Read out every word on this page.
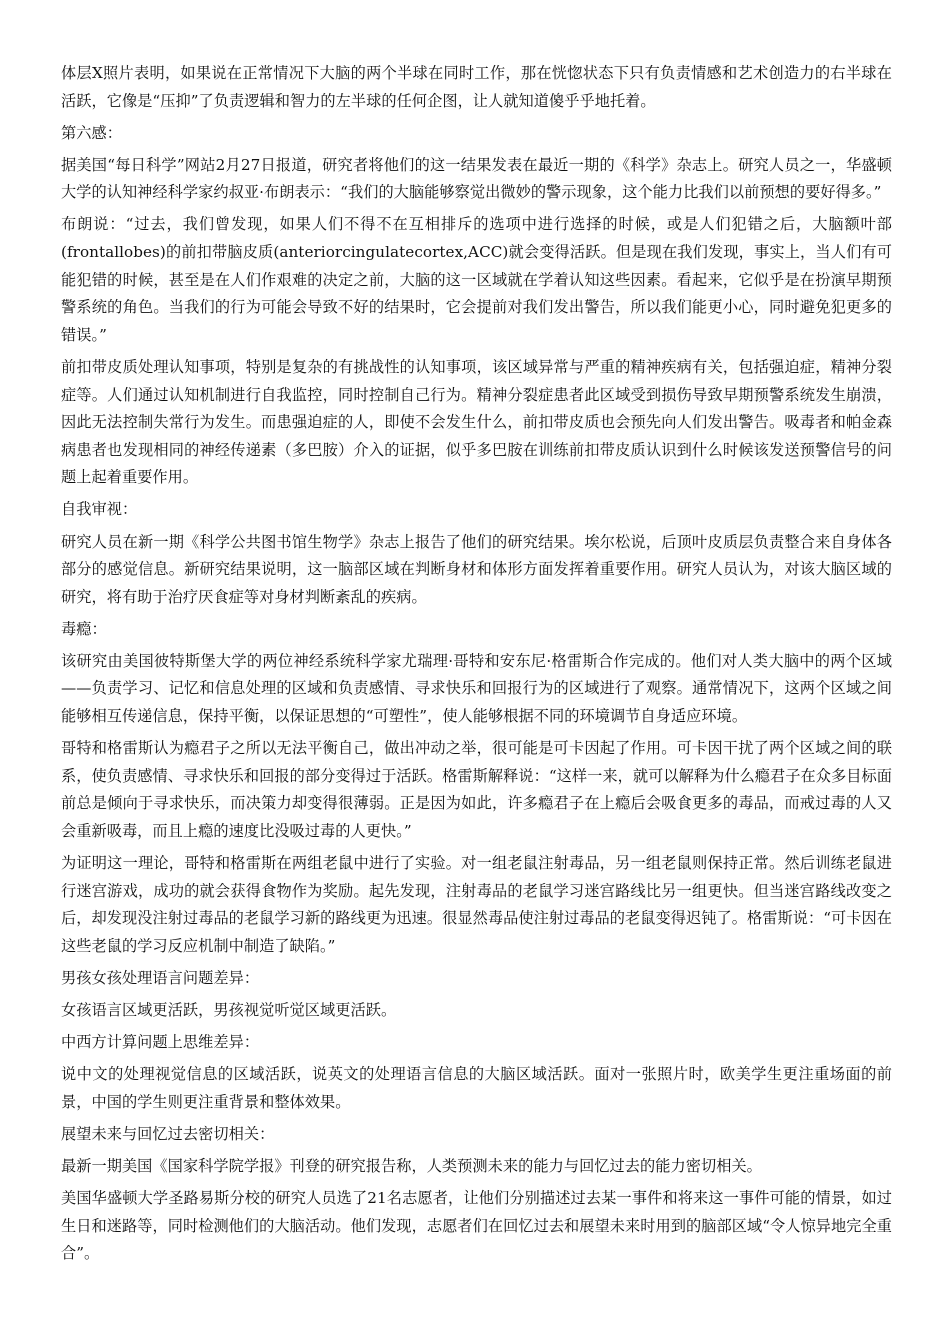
体层X照片表明，如果说在正常情况下大脑的两个半球在同时工作，那在恍惚状态下只有负责情感和艺术创造力的右半球在活跃，它像是“压抑”了负责逻辑和智力的左半球的任何企图，让人就知道傻乎乎地托着。

第六感：

据美国“每日科学”网站2月27日报道，研究者将他们的这一结果发表在最近一期的《科学》杂志上。研究人员之一，华盛顿大学的认知神经科学家约叔亚·布朗表示：“我们的大脑能够察觉出微妙的警示现象，这个能力比我们以前预想的要好得多。”

布朗说：“过去，我们曾发现，如果人们不得不在互相排斥的选项中进行选择的时候，或是人们犯错之后，大脑额叶部(frontallobes)的前扣带脑皮质(anteriorcingulatecortex,ACC)就会变得活跃。但是现在我们发现，事实上，当人们有可能犯错的时候，甚至是在人们作艰难的决定之前，大脑的这一区域就在学着认知这些因素。看起来，它似乎是在扮演早期预警系统的角色。当我们的行为可能会导致不好的结果时，它会提前对我们发出警告，所以我们能更小心，同时避免犯更多的错误。”

前扣带皮质处理认知事项，特别是复杂的有挑战性的认知事项，该区域异常与严重的精神疾病有关，包括强迫症，精神分裂症等。人们通过认知机制进行自我监控，同时控制自己行为。精神分裂症患者此区域受到损伤导致早期预警系统发生崩溃，因此无法控制失常行为发生。而患强迫症的人，即使不会发生什么，前扣带皮质也会预先向人们发出警告。吸毒者和帕金森病患者也发现相同的神经传递素（多巴胺）介入的证据，似乎多巴胺在训练前扣带皮质认识到什么时候该发送预警信号的问题上起着重要作用。

自我审视：

研究人员在新一期《科学公共图书馆生物学》杂志上报告了他们的研究结果。埃尔松说，后顶叶皮质层负责整合来自身体各部分的感觉信息。新研究结果说明，这一脑部区域在判断身材和体形方面发挥着重要作用。研究人员认为，对该大脑区域的研究，将有助于治疗厌食症等对身材判断紊乱的疾病。

毒瘾：

该研究由美国彼特斯堡大学的两位神经系统科学家尤瑞理·哥特和安东尼·格雷斯合作完成的。他们对人类大脑中的两个区域——负责学习、记忆和信息处理的区域和负责感情、寻求快乐和回报行为的区域进行了观察。通常情况下，这两个区域之间能够相互传递信息，保持平衡，以保证思想的“可塑性”，使人能够根据不同的环境调节自身适应环境。

哥特和格雷斯认为瘾君子之所以无法平衡自己，做出冲动之举，很可能是可卡因起了作用。可卡因干扰了两个区域之间的联系，使负责感情、寻求快乐和回报的部分变得过于活跃。格雷斯解释说：“这样一来，就可以解释为什么瘾君子在众多目标面前总是倾向于寻求快乐，而决策力却变得很薄弱。正是因为如此，许多瘾君子在上瘾后会吸食更多的毒品，而戒过毒的人又会重新吸毒，而且上瘾的速度比没吸过毒的人更快。”

为证明这一理论，哥特和格雷斯在两组老鼠中进行了实验。对一组老鼠注射毒品，另一组老鼠则保持正常。然后训练老鼠进行迷宫游戏，成功的就会获得食物作为奖励。起先发现，注射毒品的老鼠学习迷宫路线比另一组更快。但当迷宫路线改变之后，却发现没注射过毒品的老鼠学习新的路线更为迅速。很显然毒品使注射过毒品的老鼠变得迟钝了。格雷斯说：“可卡因在这些老鼠的学习反应机制中制造了缺陷。”

男孩女孩处理语言问题差异：

女孩语言区域更活跃，男孩视觉听觉区域更活跃。

中西方计算问题上思维差异：

说中文的处理视觉信息的区域活跃，说英文的处理语言信息的大脑区域活跃。面对一张照片时，欧美学生更注重场面的前景，中国的学生则更注重背景和整体效果。

展望未来与回忆过去密切相关：

最新一期美国《国家科学院学报》刊登的研究报告称，人类预测未来的能力与回忆过去的能力密切相关。

美国华盛顿大学圣路易斯分校的研究人员选了21名志愿者，让他们分别描述过去某一事件和将来这一事件可能的情景，如过生日和迷路等，同时检测他们的大脑活动。他们发现，志愿者们在回忆过去和展望未来时用到的脑部区域“令人惊异地完全重合”。
